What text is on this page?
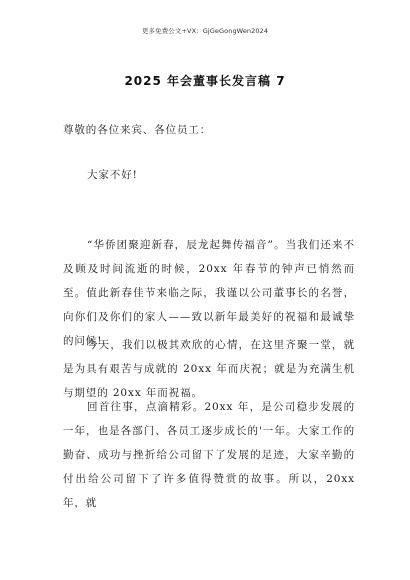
更多免费公文+VX：GjGeGongWen2024
2025 年会董事长发言稿 7

尊敬的各位来宾、各位员工：

大家不好!

“华侨团聚迎新春，辰龙起舞传福音”。当我们还来不及顾及时间流逝的时候，20xx 年春节的钟声已悄然而至。值此新春佳节来临之际，我谨以公司董事长的名誉，向你们及你们的家人——致以新年最美好的祝福和最诚挚的问候!

今天，我们以极其欢欣的心情，在这里齐聚一堂，就是为具有艰苦与成就的 20xx 年而庆祝；就是为充满生机与期望的 20xx 年而祝福。

回首往事，点滴精彩。20xx 年，是公司稳步发展的一年，也是各部门、各员工逐步成长的'一年。大家工作的勤奋、成功与挫折给公司留下了发展的足迹，大家辛勤的付出给公司留下了许多值得赞赏的故事。所以，20xx 年，就
